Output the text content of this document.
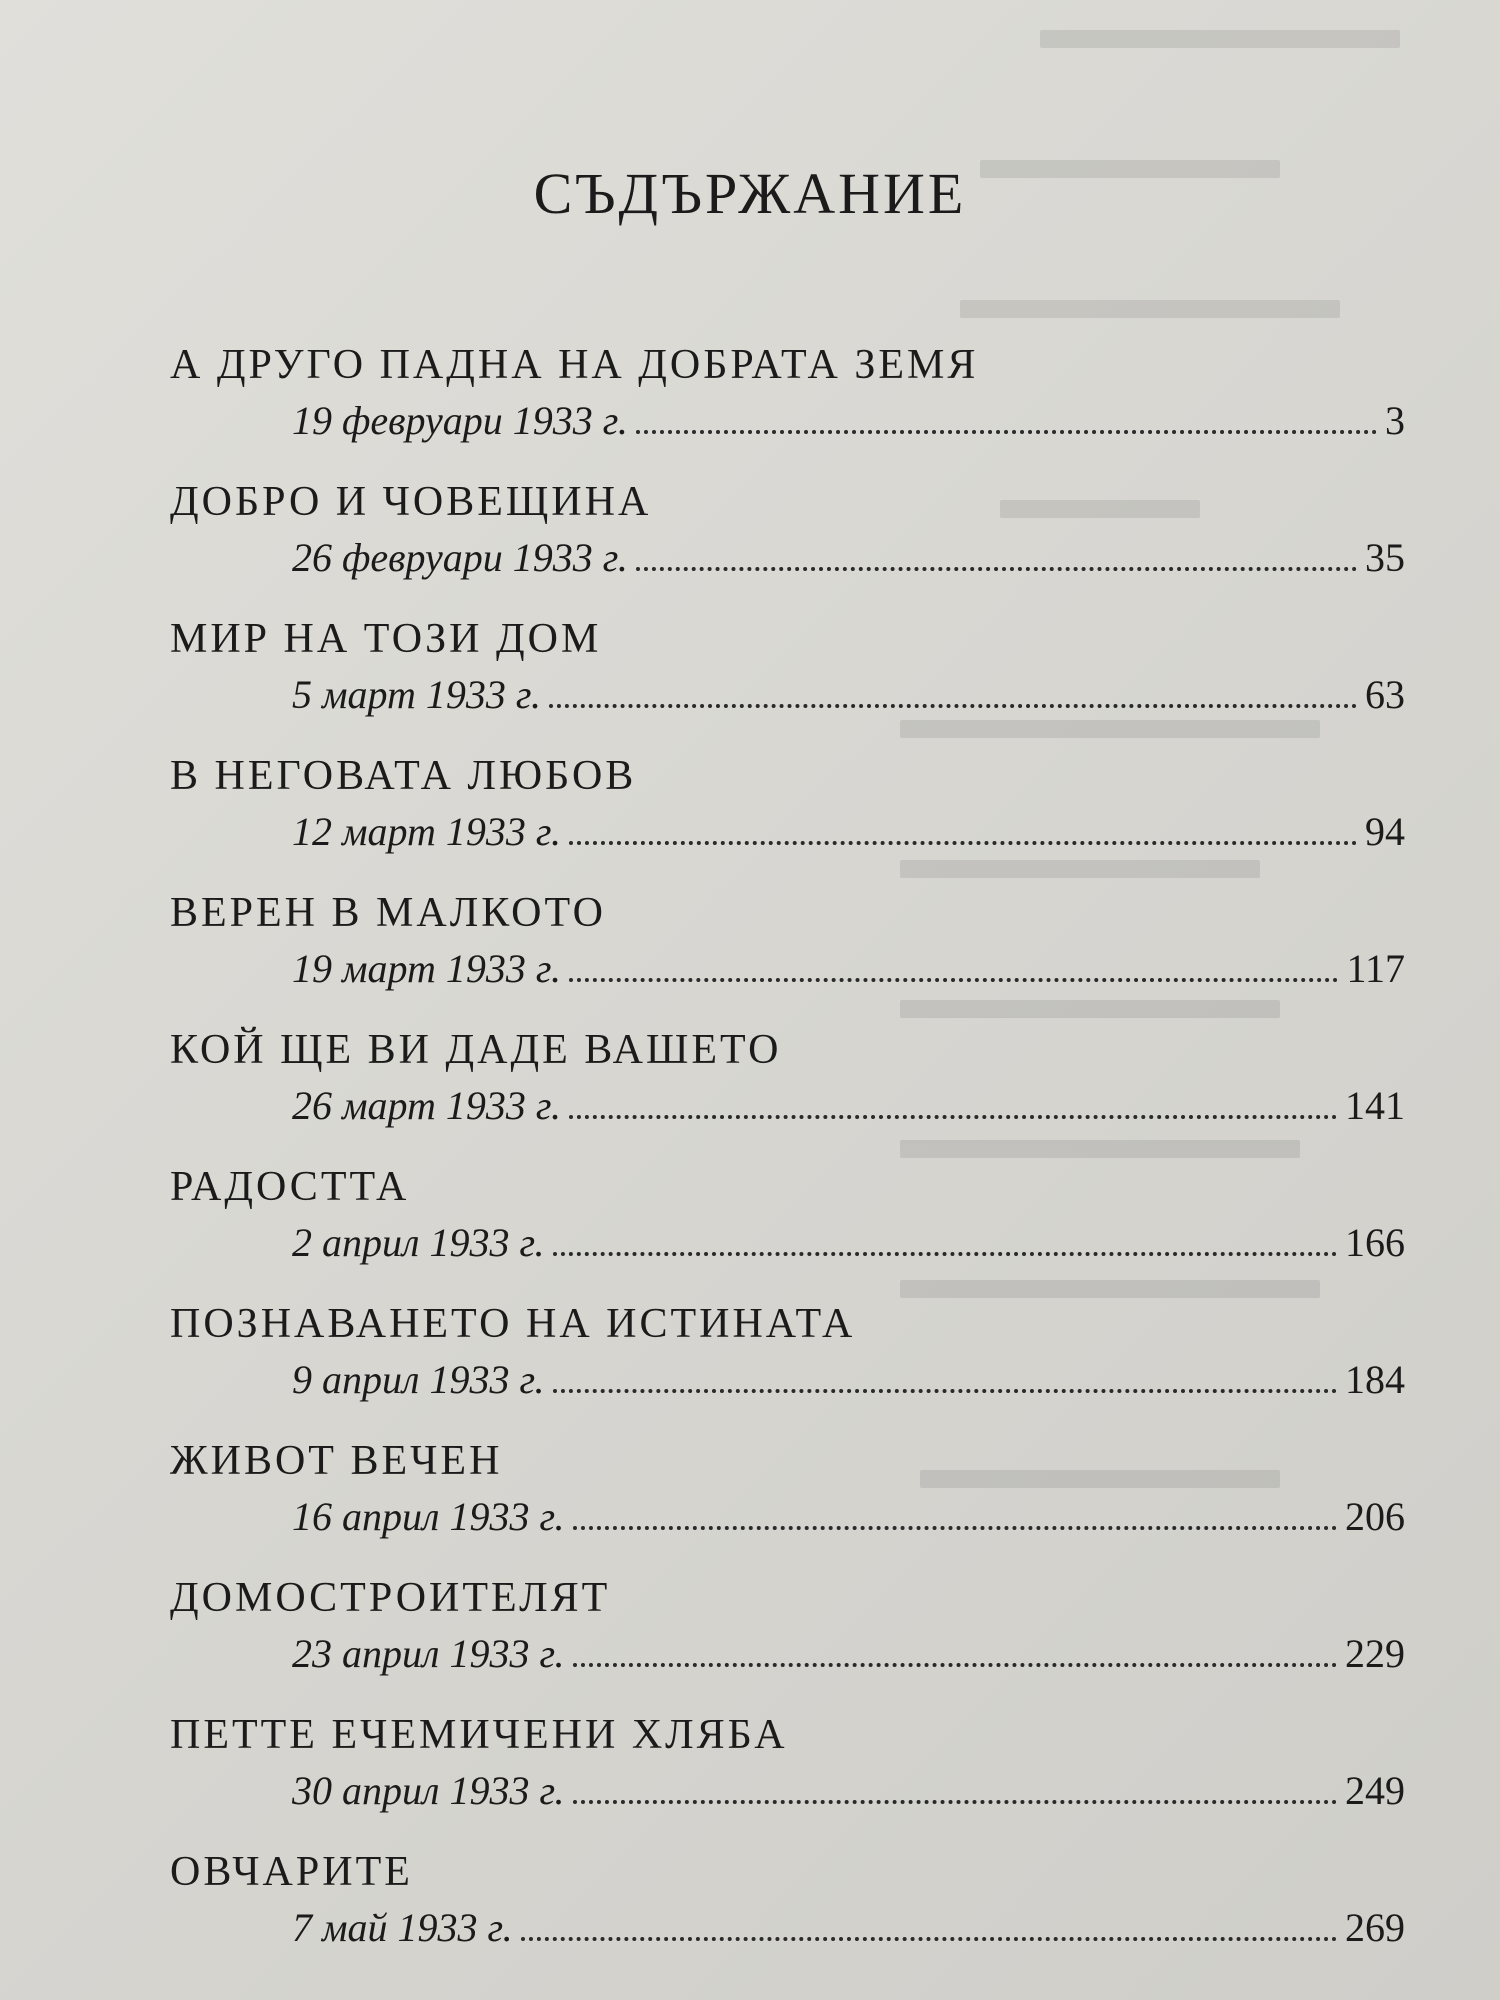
СЪДЪРЖАНИЕ
А ДРУГО ПАДНА НА ДОБРАТА ЗЕМЯ
19 февруари 1933 г.	3
ДОБРО И ЧОВЕЩИНА
26 февруари 1933 г.	35
МИР НА ТОЗИ ДОМ
5 март 1933 г.	63
В НЕГОВАТА ЛЮБОВ
12 март 1933 г.	94
ВЕРЕН В МАЛКОТО
19 март 1933 г.	117
КОЙ ЩЕ ВИ ДАДЕ ВАШЕТО
26 март 1933 г.	141
РАДОСТТА
2 април 1933 г.	166
ПОЗНАВАНЕТО НА ИСТИНАТА
9 април 1933 г.	184
ЖИВОТ ВЕЧЕН
16 април 1933 г.	206
ДОМОСТРОИТЕЛЯТ
23 април 1933 г.	229
ПЕТТЕ ЕЧЕМИЧЕНИ ХЛЯБА
30 април 1933 г.	249
ОВЧАРИТЕ
7 май 1933 г.	269
